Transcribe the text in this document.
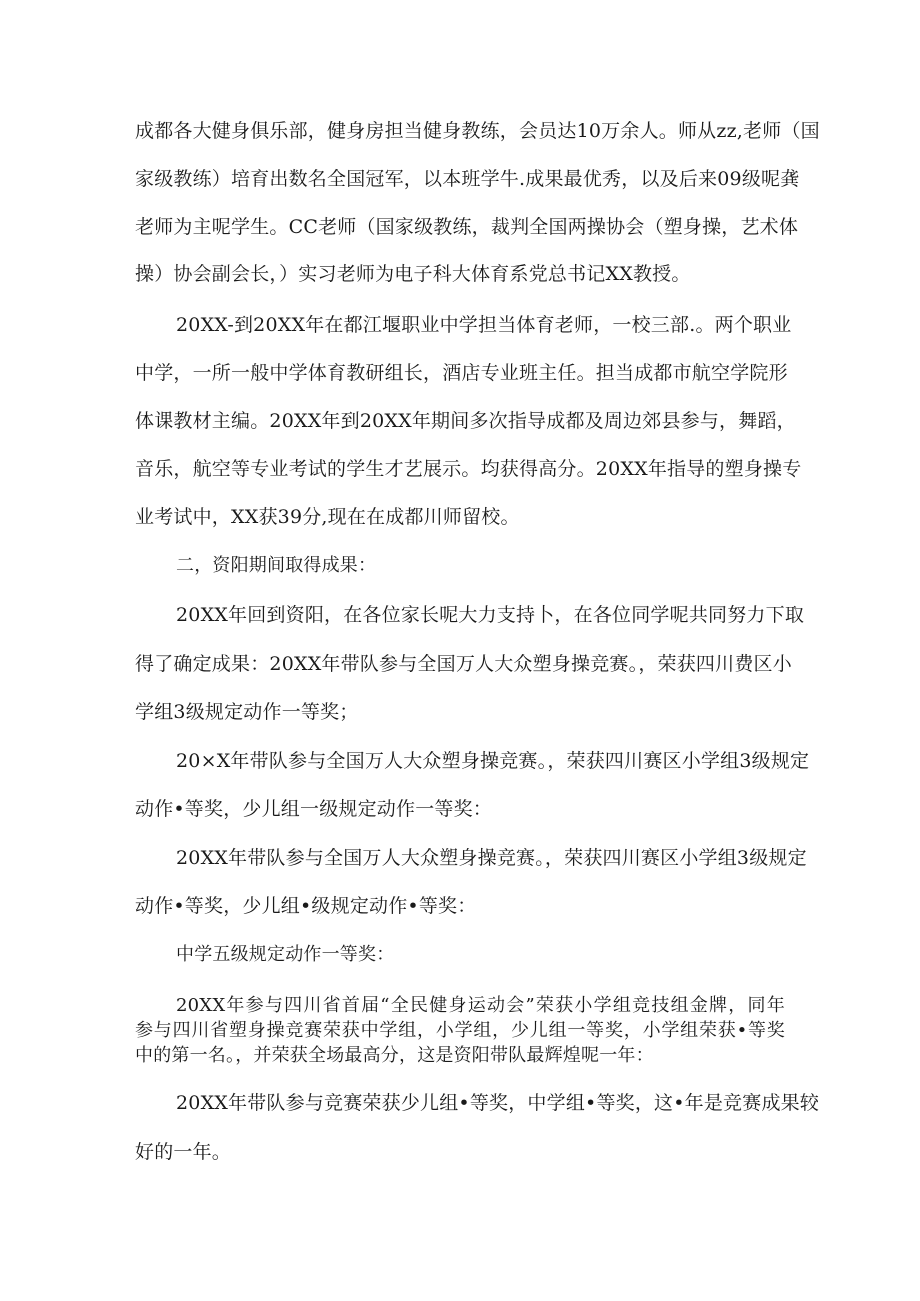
成都各大健身俱乐部，健身房担当健身教练，会员达10万余人。师从zz,老师（国
家级教练）培育出数名全国冠军，以本班学牛.成果最优秀，以及后来09级呢龚
老师为主呢学生。CC老师（国家级教练，裁判全国两操协会（塑身操，艺术体
操）协会副会长，）实习老师为电子科大体育系党总书记XX教授。
20XX-到20XX年在都江堰职业中学担当体育老师，一校三部.。两个职业
中学，一所一般中学体育教研组长，酒店专业班主任。担当成都市航空学院形
体课教材主编。20XX年到20XX年期间多次指导成都及周边郊县参与，舞蹈，
音乐，航空等专业考试的学生才艺展示。均获得高分。20XX年指导的塑身操专
业考试中，XX获39分,现在在成都川师留校。
二，资阳期间取得成果：
20XX年回到资阳，在各位家长呢大力支持卜，在各位同学呢共同努力下取
得了确定成果：20XX年带队参与全国万人大众塑身操竞赛。，荣获四川费区小
学组3级规定动作一等奖；
20×X年带队参与全国万人大众塑身操竞赛。，荣获四川赛区小学组3级规定
动作•等奖，少儿组一级规定动作一等奖：
20XX年带队参与全国万人大众塑身操竞赛。，荣获四川赛区小学组3级规定
动作•等奖，少儿组•级规定动作•等奖：
中学五级规定动作一等奖：
20XX年参与四川省首届“全民健身运动会”荣获小学组竞技组金牌，同年
参与四川省塑身操竞赛荣获中学组，小学组，少儿组一等奖，小学组荣获•等奖
中的第一名。，并荣获全场最高分，这是资阳带队最辉煌呢一年：
20XX年带队参与竞赛荣获少儿组•等奖，中学组•等奖，这•年是竞赛成果较
好的一年。
